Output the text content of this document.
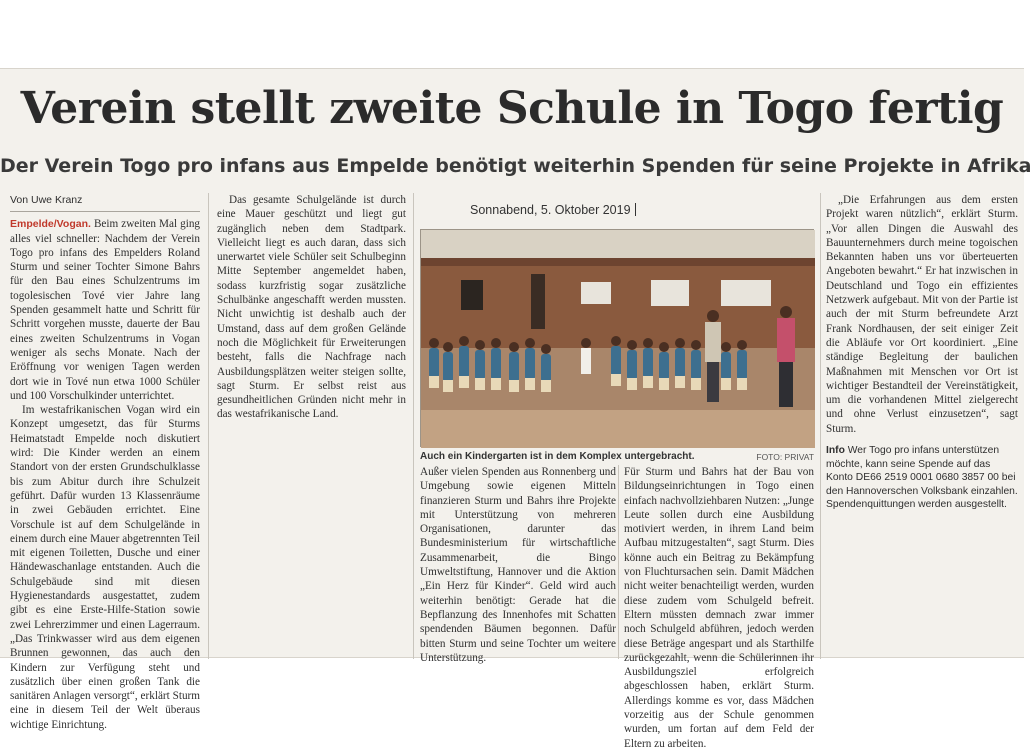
Verein stellt zweite Schule in Togo fertig
Der Verein Togo pro infans aus Empelde benötigt weiterhin Spenden für seine Projekte in Afrika
Von Uwe Kranz

Empelde/Vogan. Beim zweiten Mal ging alles viel schneller: Nachdem der Verein Togo pro infans des Empelders Roland Sturm und seiner Tochter Simone Bahrs für den Bau eines Schulzentrums im togolesischen Tové vier Jahre lang Spenden gesammelt hatte und Schritt für Schritt vorgehen musste, dauerte der Bau eines zweiten Schulzentrums in Vogan weniger als sechs Monate. Nach der Eröffnung vor wenigen Tagen werden dort wie in Tové nun etwa 1000 Schüler und 100 Vorschulkinder unterrichtet.

Im westafrikanischen Vogan wird ein Konzept umgesetzt, das für Sturms Heimatstadt Empelde noch diskutiert wird: Die Kinder werden an einem Standort von der ersten Grundschulklasse bis zum Abitur durch ihre Schulzeit geführt. Dafür wurden 13 Klassenräume in zwei Gebäuden errichtet. Eine Vorschule ist auf dem Schulgelände in einem durch eine Mauer abgetrennten Teil mit eigenen Toiletten, Dusche und einer Händewaschanlage entstanden. Auch die Schulgebäude sind mit diesen Hygienestandards ausgestattet, zudem gibt es eine Erste-Hilfe-Station sowie zwei Lehrerzimmer und einen Lagerraum. „Das Trinkwasser wird aus dem eigenen Brunnen gewonnen, das auch den Kindern zur Verfügung steht und zusätzlich über einen großen Tank die sanitären Anlagen versorgt“, erklärt Sturm eine in diesem Teil der Welt überaus wichtige Einrichtung.

Das gesamte Schulgelände ist durch eine Mauer geschützt und liegt gut zugänglich neben dem Stadtpark. Vielleicht liegt es auch daran, dass sich unerwartet viele Schüler seit Schulbeginn Mitte September angemeldet haben, sodass kurzfristig sogar zusätzliche Schulbänke angeschafft werden mussten. Nicht unwichtig ist deshalb auch der Umstand, dass auf dem großen Gelände noch die Möglichkeit für Erweiterungen besteht, falls die Nachfrage nach Ausbildungsplätzen weiter steigen sollte, sagt Sturm. Er selbst reist aus gesundheitlichen Gründen nicht mehr in das westafrikanische Land.

Sonnabend, 5. Oktober 2019
Auch ein Kindergarten ist in dem Komplex untergebracht.	FOTO: PRIVAT

Außer vielen Spenden aus Ronnenberg und Umgebung sowie eigenen Mitteln finanzieren Sturm und Bahrs ihre Projekte mit Unterstützung von mehreren Organisationen, darunter das Bundesministerium für wirtschaftliche Zusammenarbeit, die Bingo Umweltstiftung, Hannover und die Aktion „Ein Herz für Kinder“. Geld wird auch weiterhin benötigt: Gerade hat die Bepflanzung des Innenhofes mit Schatten spendenden Bäumen begonnen. Dafür bitten Sturm und seine Tochter um weitere Unterstützung.

Für Sturm und Bahrs hat der Bau von Bildungseinrichtungen in Togo einen einfach nachvollziehbaren Nutzen: „Junge Leute sollen durch eine Ausbildung motiviert werden, in ihrem Land beim Aufbau mitzugestalten“, sagt Sturm. Dies könne auch ein Beitrag zu Bekämpfung von Fluchtursachen sein. Damit Mädchen nicht weiter benachteiligt werden, wurden diese zudem vom Schulgeld befreit. Eltern müssten demnach zwar immer noch Schulgeld abführen, jedoch werden diese Beträge angespart und als Starthilfe zurückgezahlt, wenn die Schülerinnen ihr Ausbildungsziel erfolgreich abgeschlossen haben, erklärt Sturm. Allerdings komme es vor, dass Mädchen vorzeitig aus der Schule genommen wurden, um fortan auf dem Feld der Eltern zu arbeiten.

„Die Erfahrungen aus dem ersten Projekt waren nützlich“, erklärt Sturm. „Vor allen Dingen die Auswahl des Bauunternehmers durch meine togoischen Bekannten haben uns vor überteuerten Angeboten bewahrt.“ Er hat inzwischen in Deutschland und Togo ein effizientes Netzwerk aufgebaut. Mit von der Partie ist auch der mit Sturm befreundete Arzt Frank Nordhausen, der seit einiger Zeit die Abläufe vor Ort koordiniert. „Eine ständige Begleitung der baulichen Maßnahmen mit Menschen vor Ort ist wichtiger Bestandteil der Vereinstätigkeit, um die vorhandenen Mittel zielgerecht und ohne Verlust einzusetzen“, sagt Sturm.

Info Wer Togo pro infans unterstützen möchte, kann seine Spende auf das Konto DE66 2519 0001 0680 3857 00 bei den Hannoverschen Volksbank einzahlen. Spendenquittungen werden ausgestellt.
